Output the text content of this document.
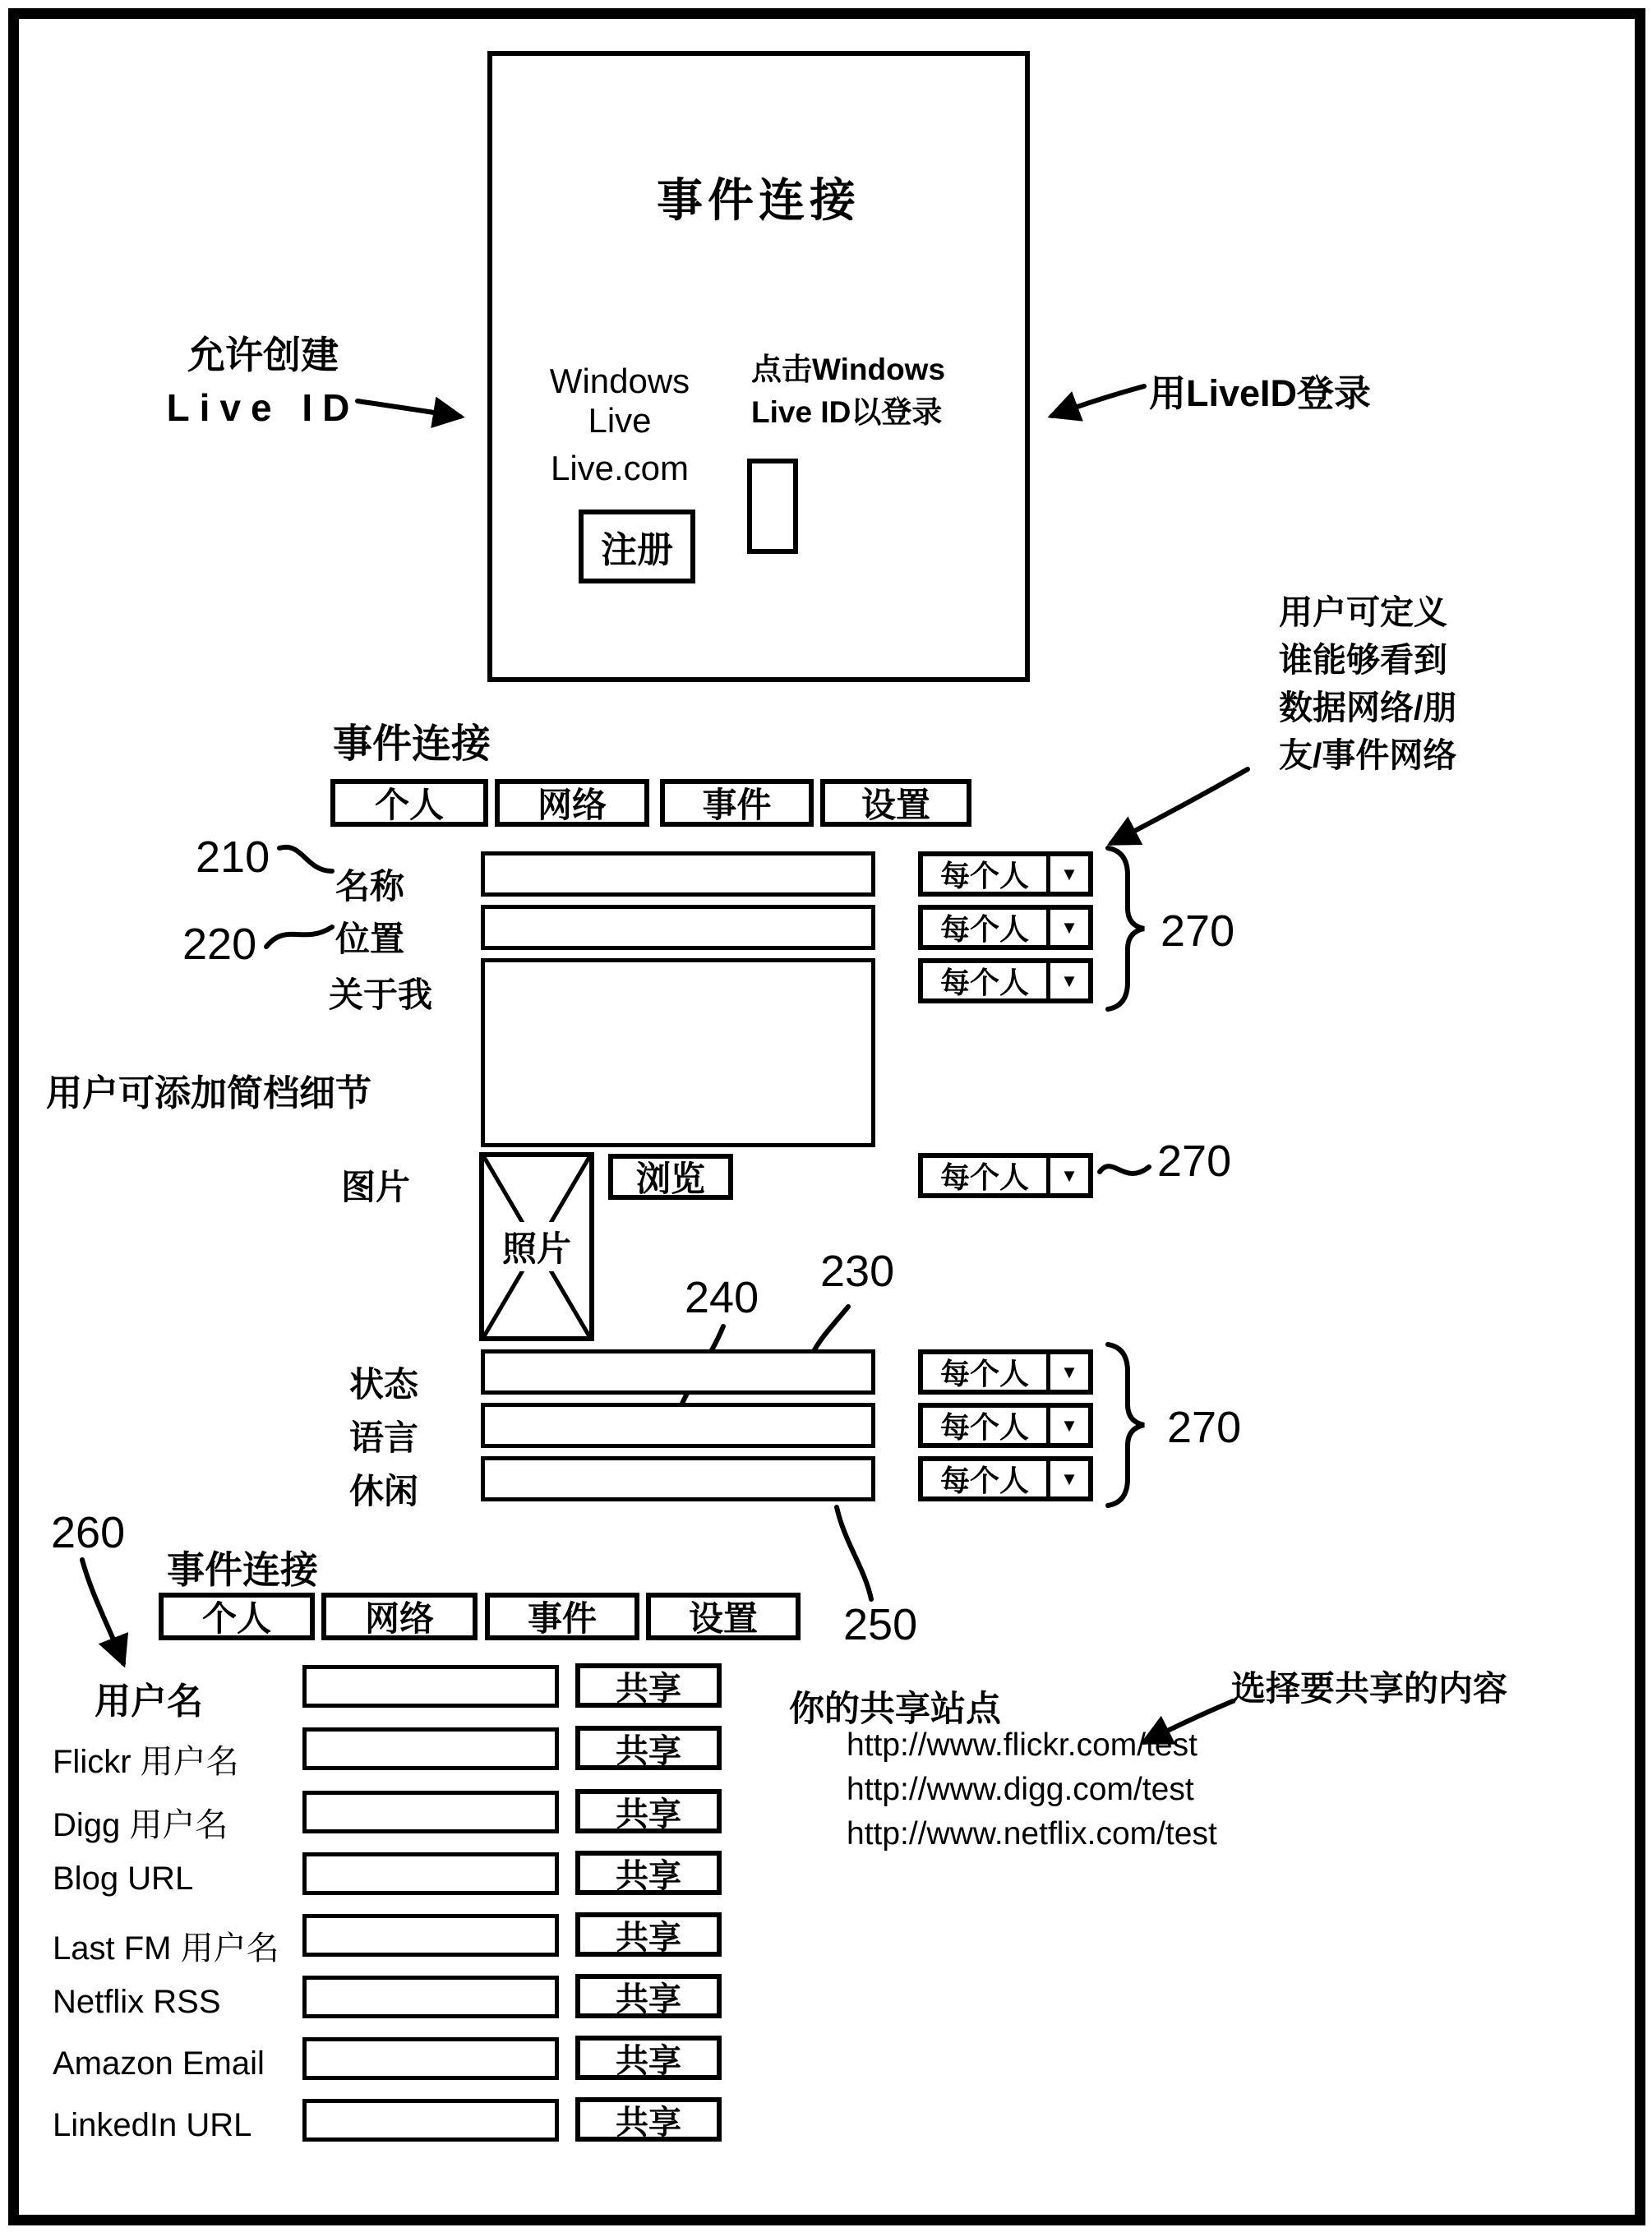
事件连接
Windows Live
Live.com
注册
点击Windows
Live ID以登录
允许创建
Live ID	用LiveID登录
用户可定义
谁能够看到
数据网络/朋
友/事件网络
事件连接
个人	网络	事件	设置
210
220
名称	每个人	▼
位置	每个人	▼
关于我	每个人	▼
270
用户可添加简档细节
图片
照片
浏览	每个人	▼ 270
240
230
状态	每个人	▼
语言	每个人	▼
休闲	每个人	▼
270
260
事件连接
250
个人	网络	事件	设置
用户名	共享
Flickr 用户名	共享
Digg 用户名	共享
Blog URL	共享
Last FM 用户名	共享
Netflix RSS	共享
Amazon Email	共享
LinkedIn URL	共享
你的共享站点
http://www.flickr.com/test
http://www.digg.com/test
http://www.netflix.com/test
选择要共享的内容
